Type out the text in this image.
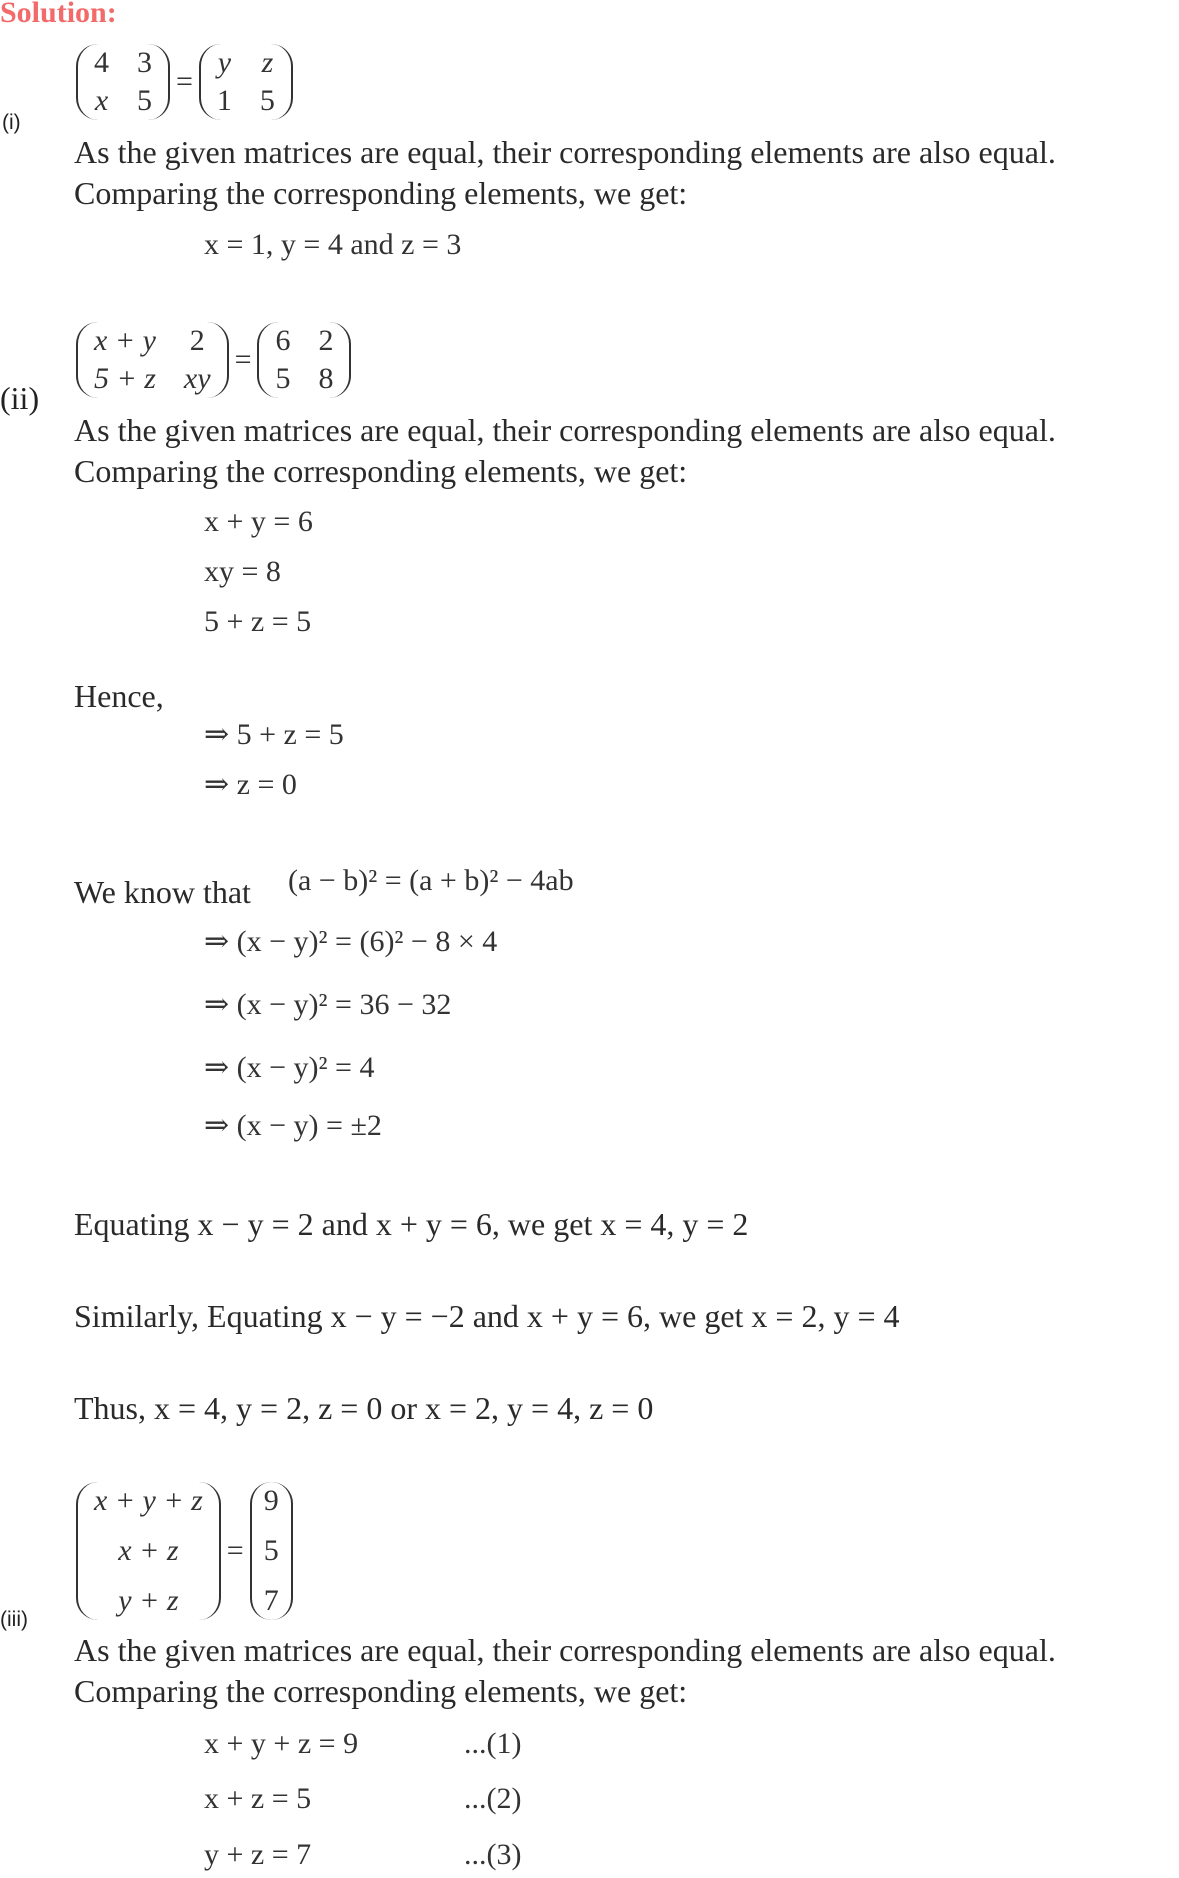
Solution:
(i)
4 3
x 5
=
y z
1 5
As the given matrices are equal, their corresponding elements are also equal.
Comparing the corresponding elements, we get:
x = 1, y = 4 and z = 3
(ii)
x + y 2
5 + z xy
=
6 2
5 8
As the given matrices are equal, their corresponding elements are also equal.
Comparing the corresponding elements, we get:
x + y = 6
xy = 8
5 + z = 5
Hence,
⇒ 5 + z = 5
⇒ z = 0
We know that (a − b)² = (a + b)² − 4ab
⇒ (x − y)² = (6)² − 8 × 4
⇒ (x − y)² = 36 − 32
⇒ (x − y)² = 4
⇒ (x − y) = ±2
Equating x − y = 2 and x + y = 6, we get x = 4, y = 2
Similarly, Equating x − y = −2 and x + y = 6, we get x = 2, y = 4
Thus, x = 4, y = 2, z = 0 or x = 2, y = 4, z = 0
(iii)
x + y + z
x + z
y + z
=
9
5
7
As the given matrices are equal, their corresponding elements are also equal.
Comparing the corresponding elements, we get:
x + y + z = 9	...(1)
x + z = 5	...(2)
y + z = 7	...(3)
